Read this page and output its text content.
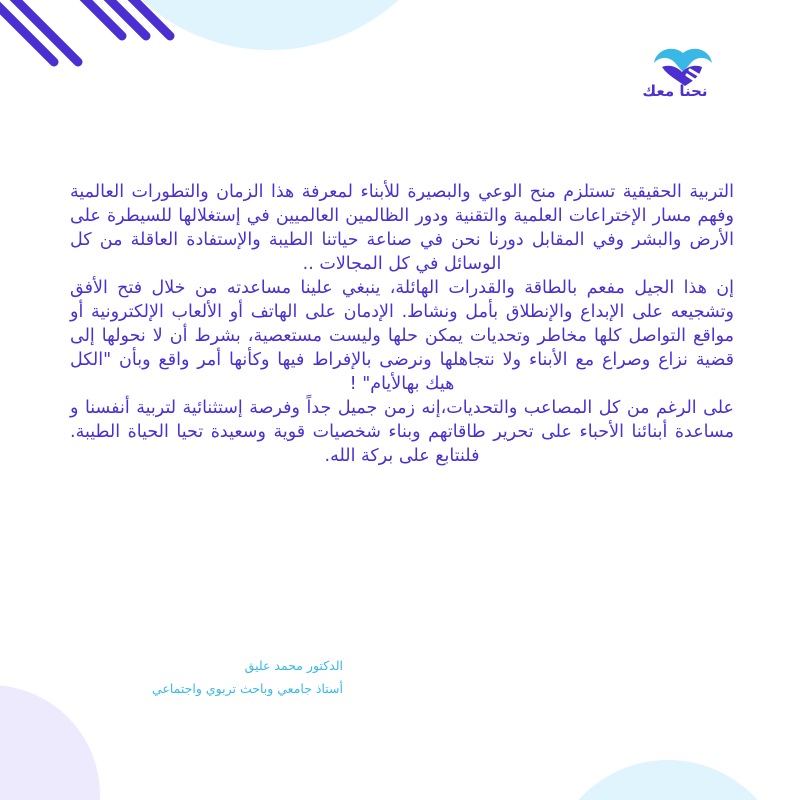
نحنا معك

التربية الحقيقية تستلزم منح الوعي والبصيرة للأبناء لمعرفة هذا الزمان والتطورات العالمية وفهم مسار الإختراعات العلمية والتقنية ودور الظالمين العالميين في إستغلالها للسيطرة على الأرض والبشر وفي المقابل دورنا نحن في صناعة حياتنا الطيبة والإستفادة العاقلة من كل الوسائل في كل المجالات ..

إن هذا الجيل مفعم بالطاقة والقدرات الهائلة، ينبغي علينا مساعدته من خلال فتح الأفق وتشجيعه على الإبداع والإنطلاق بأمل ونشاط. الإدمان على الهاتف أو الألعاب الإلكترونية أو مواقع التواصل كلها مخاطر وتحديات يمكن حلها وليست مستعصية، بشرط أن لا نحولها إلى قضية نزاع وصراع مع الأبناء ولا نتجاهلها ونرضى بالإفراط فيها وكأنها أمر واقع وبأن "الكل هيك بهالأيام" !

على الرغم من كل المصاعب والتحديات،إنه زمن جميل جداً وفرصة إستثنائية لتربية أنفسنا و مساعدة أبنائنا الأحباء على تحرير طاقاتهم وبناء شخصيات قوية وسعيدة تحيا الحياة الطيبة. فلنتابع على بركة الله.

الدكتور محمد عليق
أستاذ جامعي وباحث تربوي واجتماعي
